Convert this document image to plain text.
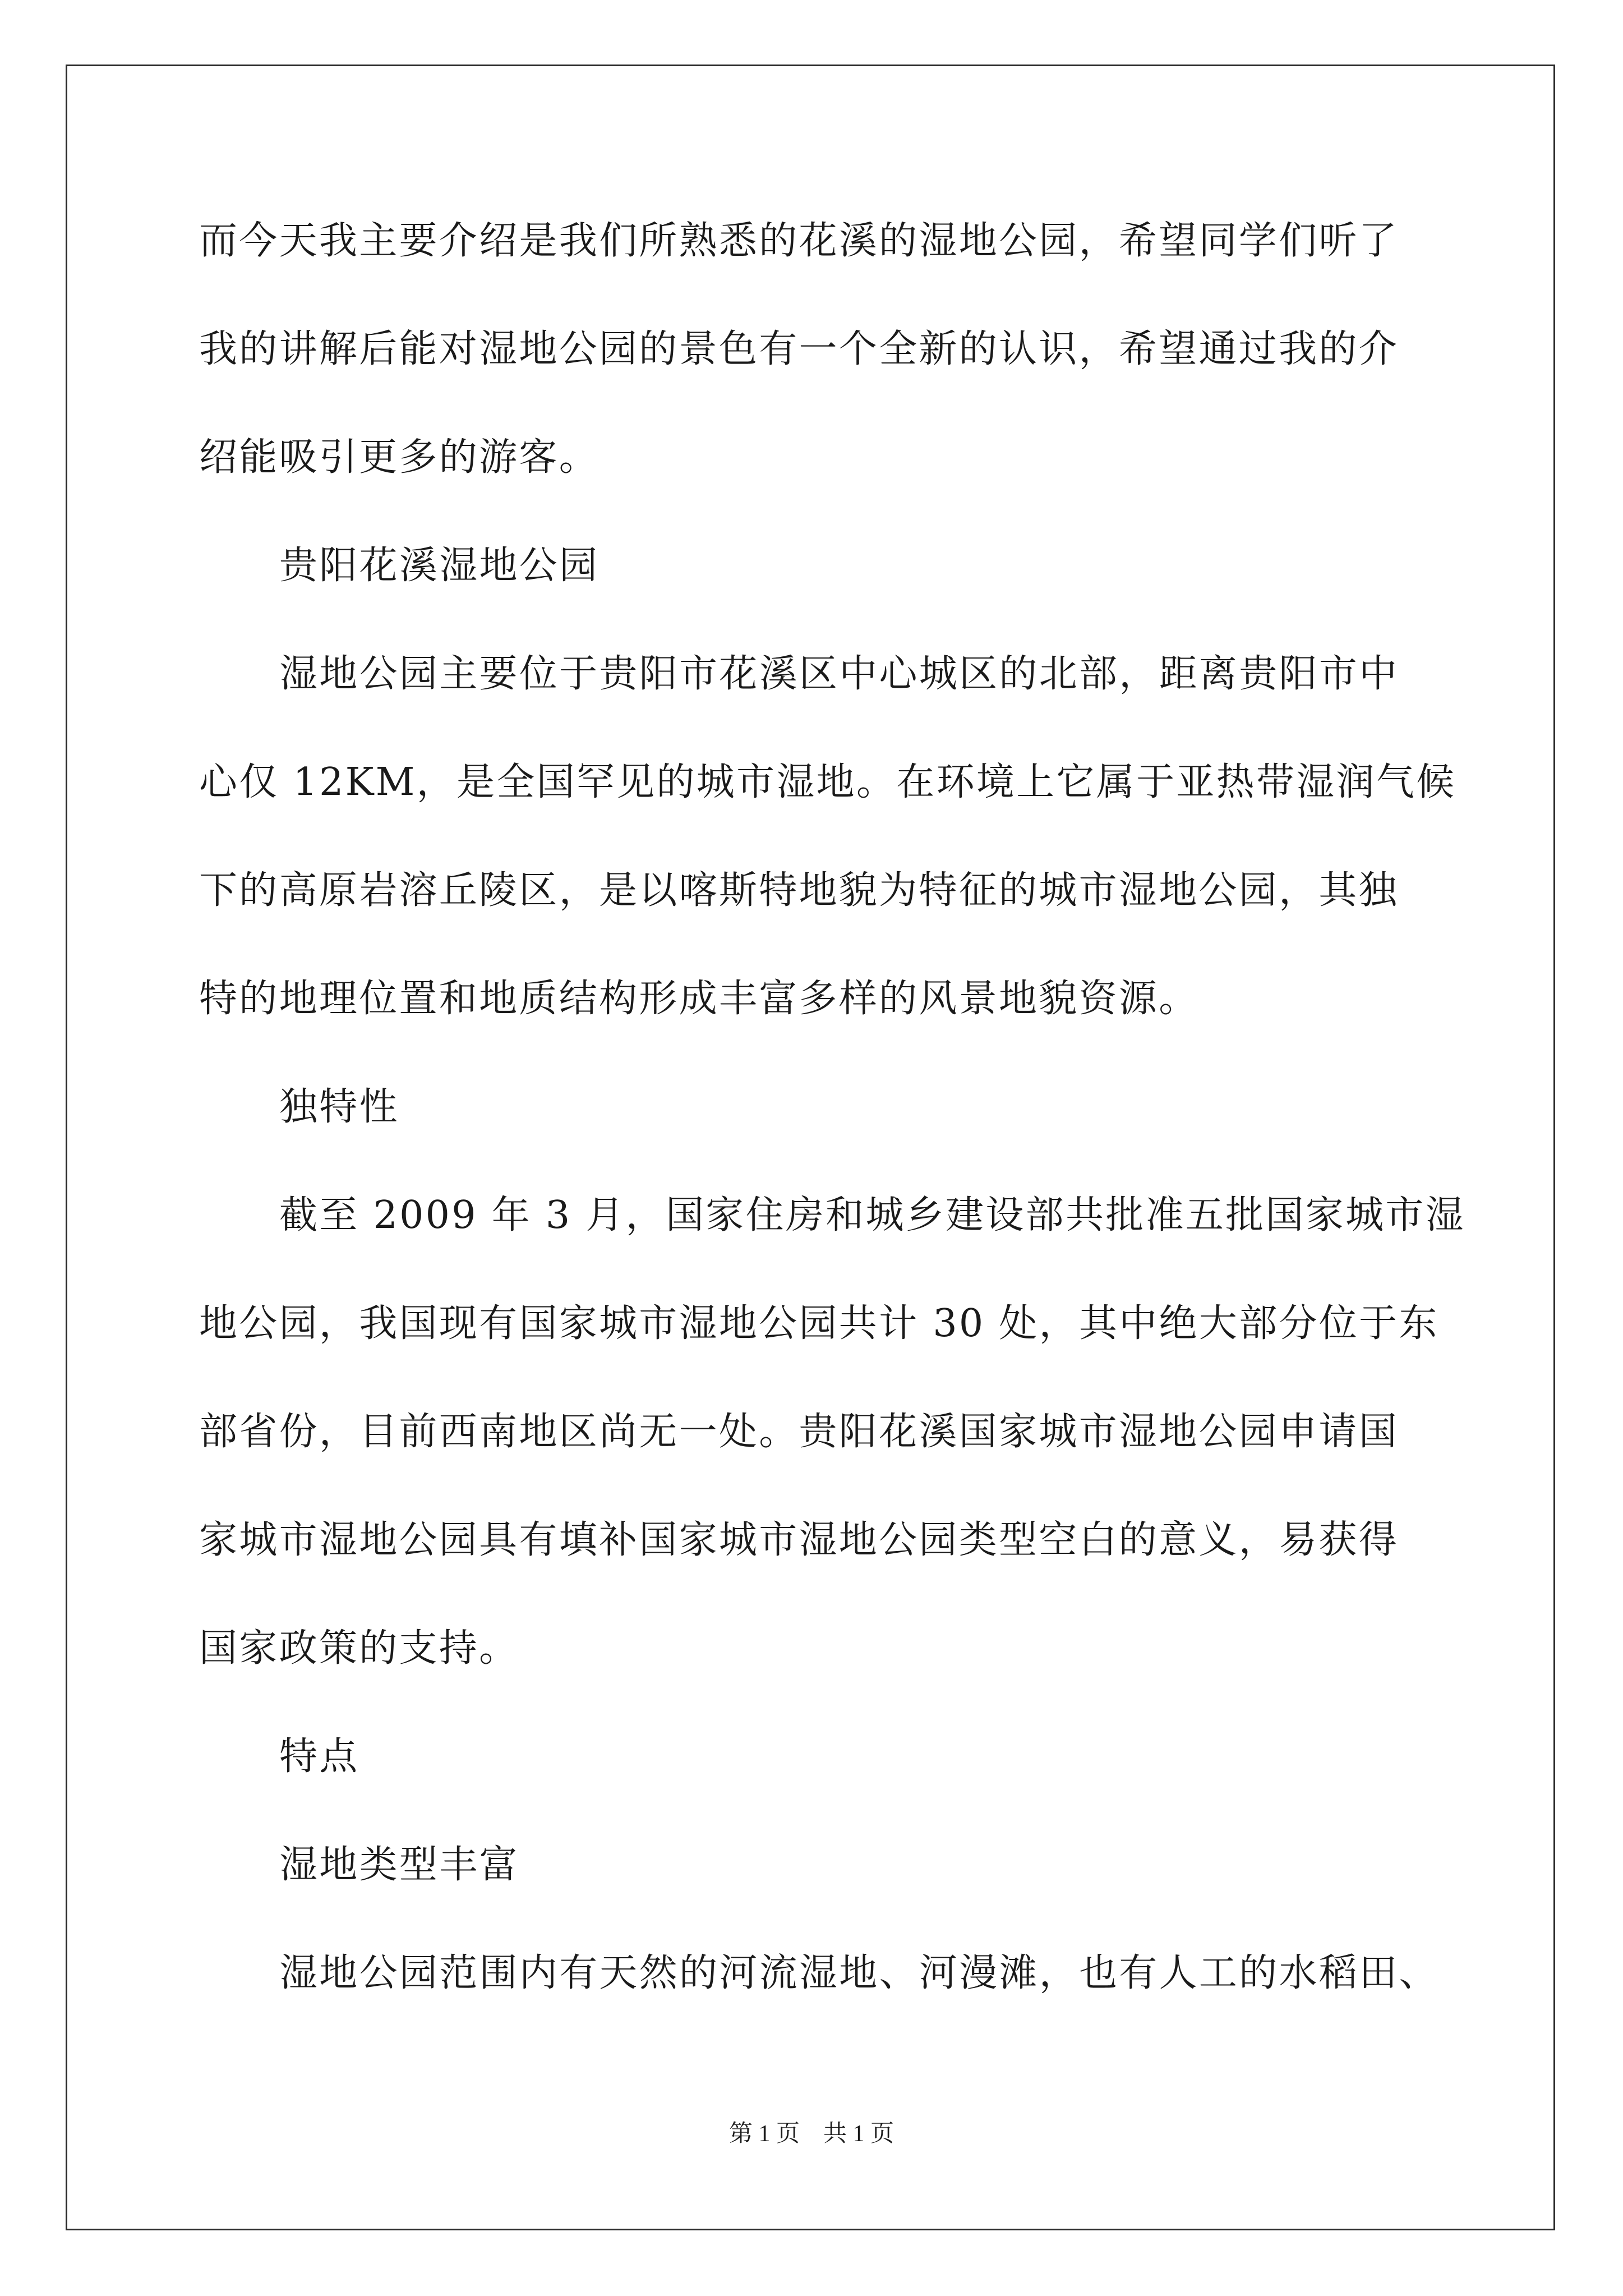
而今天我主要介绍是我们所熟悉的花溪的湿地公园，希望同学们听了

我的讲解后能对湿地公园的景色有一个全新的认识，希望通过我的介

绍能吸引更多的游客。

贵阳花溪湿地公园

湿地公园主要位于贵阳市花溪区中心城区的北部，距离贵阳市中

心仅 12KM，是全国罕见的城市湿地。在环境上它属于亚热带湿润气候

下的高原岩溶丘陵区，是以喀斯特地貌为特征的城市湿地公园，其独

特的地理位置和地质结构形成丰富多样的风景地貌资源。

独特性

截至 2009 年 3 月，国家住房和城乡建设部共批准五批国家城市湿

地公园，我国现有国家城市湿地公园共计 30 处，其中绝大部分位于东

部省份，目前西南地区尚无一处。贵阳花溪国家城市湿地公园申请国

家城市湿地公园具有填补国家城市湿地公园类型空白的意义，易获得

国家政策的支持。

特点

湿地类型丰富

湿地公园范围内有天然的河流湿地、河漫滩，也有人工的水稻田、

第 1 页    共 1 页
